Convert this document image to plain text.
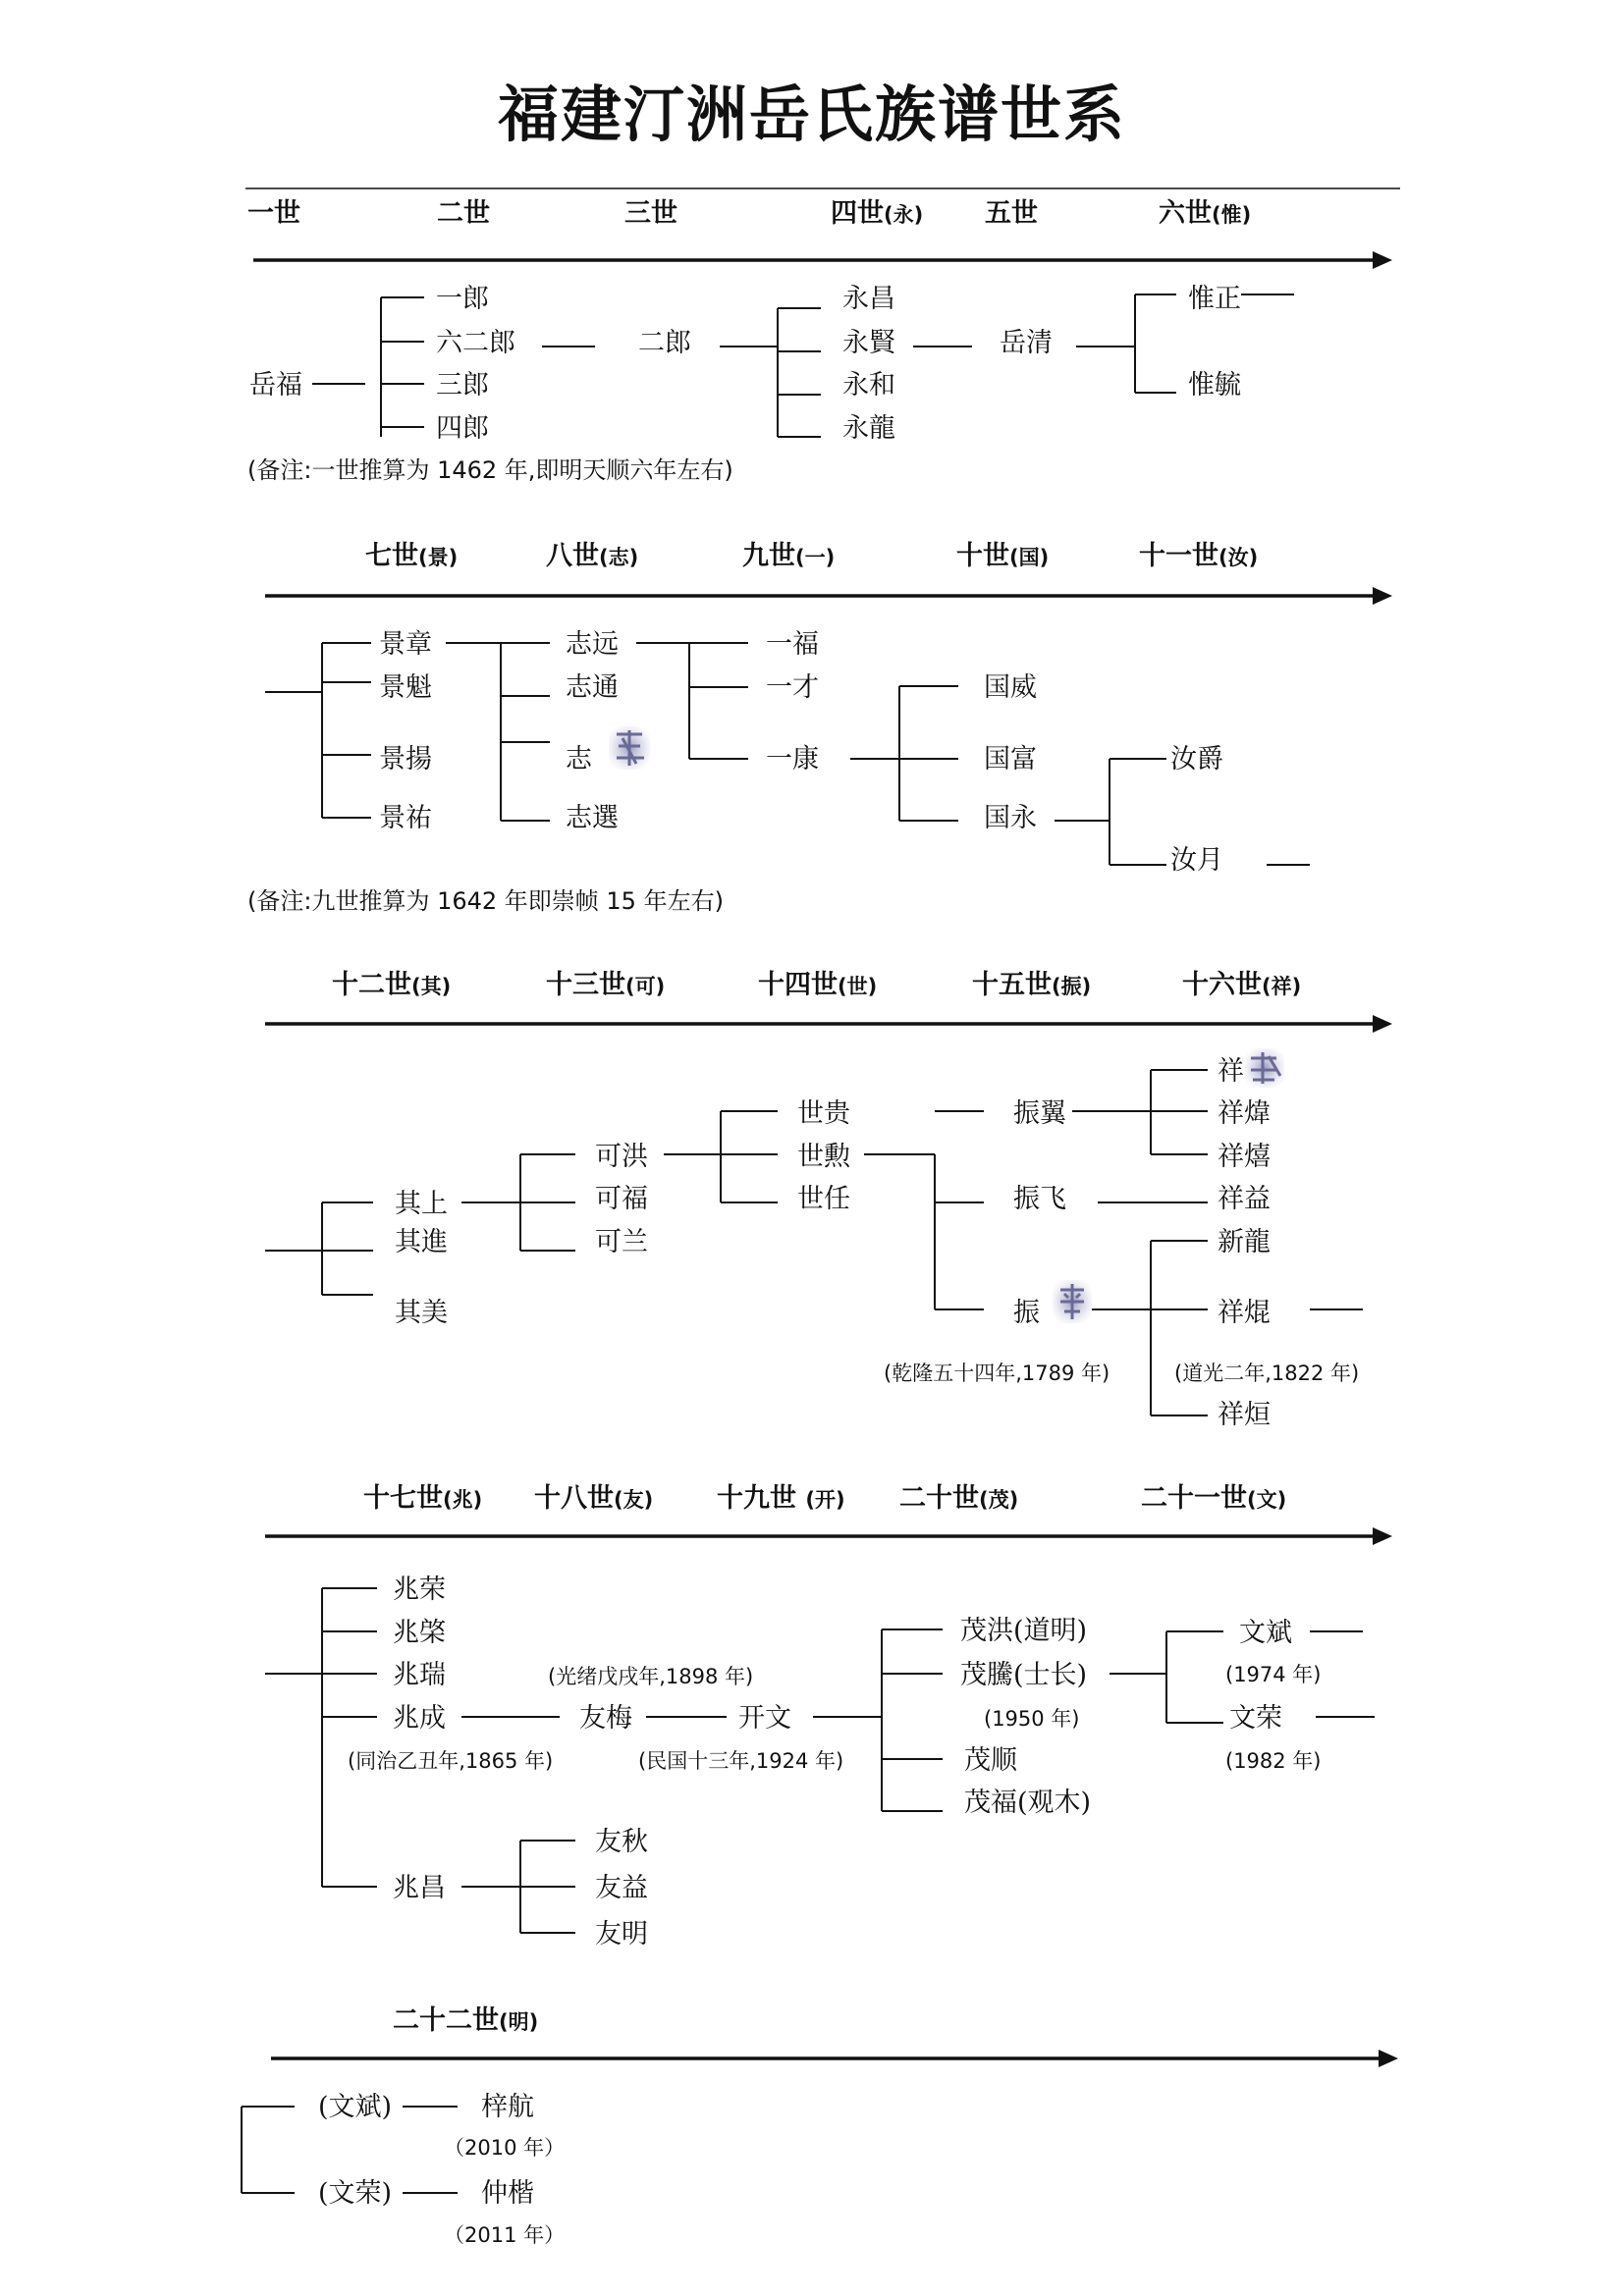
福建汀洲岳氏族谱世系
一世	二世	三世	四世(永) 五世	六世(惟)
岳福
一郎
六二郎
三郎
四郎
二郎
永昌
永賢
永和
永龍
岳清
惟正
惟毓
(备注:一世推算为 1462 年,即明天顺六年左右)
七世(景)	八世(志)	九世(一)	十世(国)	十一世(汝)
景章
景魁
景揚
景祐
志远
志通
志
志選
一福
一才
一康
国威
国富
国永
汝爵
汝月
(备注:九世推算为 1642 年即崇帧 15 年左右)
十二世(其)	十三世(可)	十四世(世)	十五世(振)	十六世(祥)
其上
其進
其美
可洪
可福
可兰
世贵
世勲
世任
振翼
振飞
振
(乾隆五十四年,1789 年)
祥
祥煒
祥熺
祥益
新龍
祥焜
(道光二年,1822 年)
祥烜
十七世(兆) 十八世(友) 十九世 (开) 二十世(茂)	二十一世(文)
兆荣
兆棨
兆瑞
兆成
(同治乙丑年,1865 年)
兆昌
(光绪戊戌年,1898 年)
友梅
(民国十三年,1924 年)
开文
友秋
友益
友明
茂洪(道明)
茂騰(士长)
(1950 年)
茂顺
茂福(观木)
文斌
(1974 年)
文荣
(1982 年)
二十二世(明)
(文斌)	梓航
（2010 年）
(文荣)	仲楷
（2011 年）
